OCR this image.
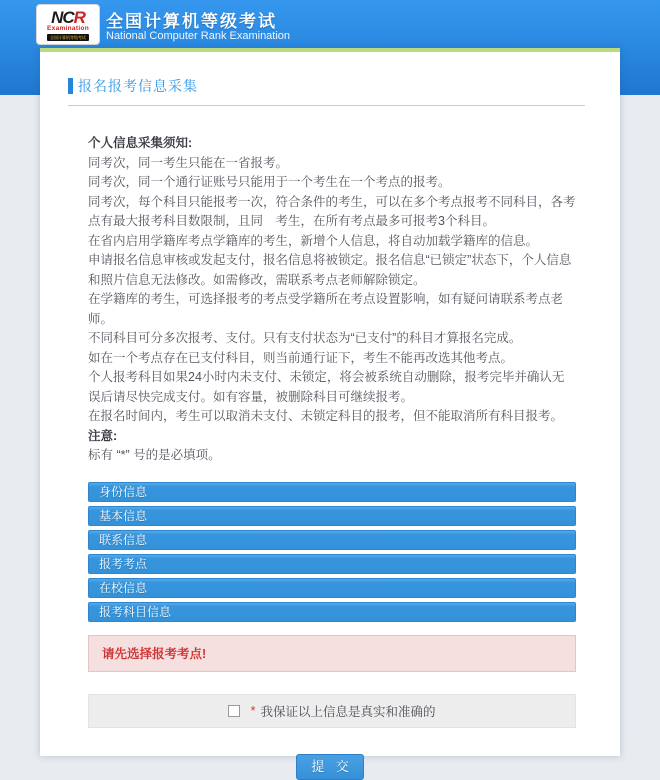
NCR
Examination
全国计算机等级考试
全国计算机等级考试
National Computer Rank Examination
报名报考信息采集
个人信息采集须知:
同考次，同一考生只能在一省报考。
同考次，同一个通行证账号只能用于一个考生在一个考点的报考。
同考次，每个科目只能报考一次，符合条件的考生，可以在多个考点报考不同科目，各考点有最大报考科目数限制，且同　考生，在所有考点最多可报考3个科目。
在省内启用学籍库考点学籍库的考生，新增个人信息，将自动加载学籍库的信息。
申请报名信息审核或发起支付，报名信息将被锁定。报名信息“已锁定”状态下，个人信息和照片信息无法修改。如需修改，需联系考点老师解除锁定。
在学籍库的考生，可选择报考的考点受学籍所在考点设置影响，如有疑问请联系考点老师。
不同科目可分多次报考、支付。只有支付状态为“已支付”的科目才算报名完成。
如在一个考点存在已支付科目，则当前通行证下，考生不能再改选其他考点。
个人报考科目如果24小时内未支付、未锁定，将会被系统自动删除，报考完毕并确认无误后请尽快完成支付。如有容量，被删除科目可继续报考。
在报名时间内，考生可以取消未支付、未锁定科目的报考，但不能取消所有科目报考。
注意:
标有 “*” 号的是必填项。
身份信息
基本信息
联系信息
报考考点
在校信息
报考科目信息
请先选择报考考点!
* 我保证以上信息是真实和准确的
提 交
